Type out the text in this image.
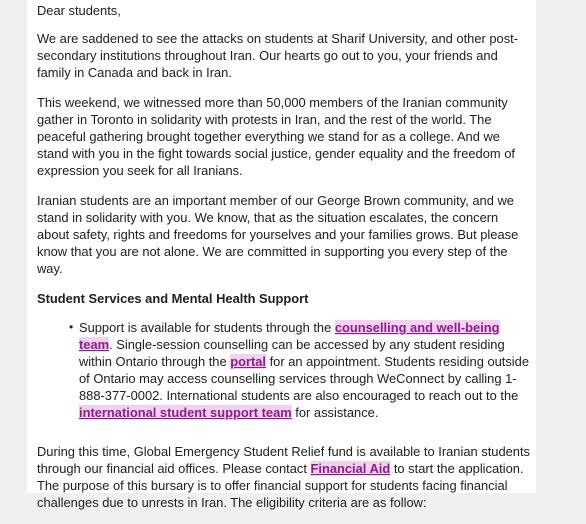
Dear students,

We are saddened to see the attacks on students at Sharif University, and other post-secondary institutions throughout Iran. Our hearts go out to you, your friends and family in Canada and back in Iran.

This weekend, we witnessed more than 50,000 members of the Iranian community gather in Toronto in solidarity with protests in Iran, and the rest of the world. The peaceful gathering brought together everything we stand for as a college. And we stand with you in the fight towards social justice, gender equality and the freedom of expression you seek for all Iranians.

Iranian students are an important member of our George Brown community, and we stand in solidarity with you. We know, that as the situation escalates, the concern about safety, rights and freedoms for yourselves and your families grows. But please know that you are not alone. We are committed in supporting you every step of the way.

Student Services and Mental Health Support
• Support is available for students through the counselling and well-being team. Single-session counselling can be accessed by any student residing within Ontario through the portal for an appointment. Students residing outside of Ontario may access counselling services through WeConnect by calling 1-888-377-0002. International students are also encouraged to reach out to the international student support team for assistance.

During this time, Global Emergency Student Relief fund is available to Iranian students through our financial aid offices. Please contact Financial Aid to start the application. The purpose of this bursary is to offer financial support for students facing financial challenges due to unrests in Iran. The eligibility criteria are as follow:
